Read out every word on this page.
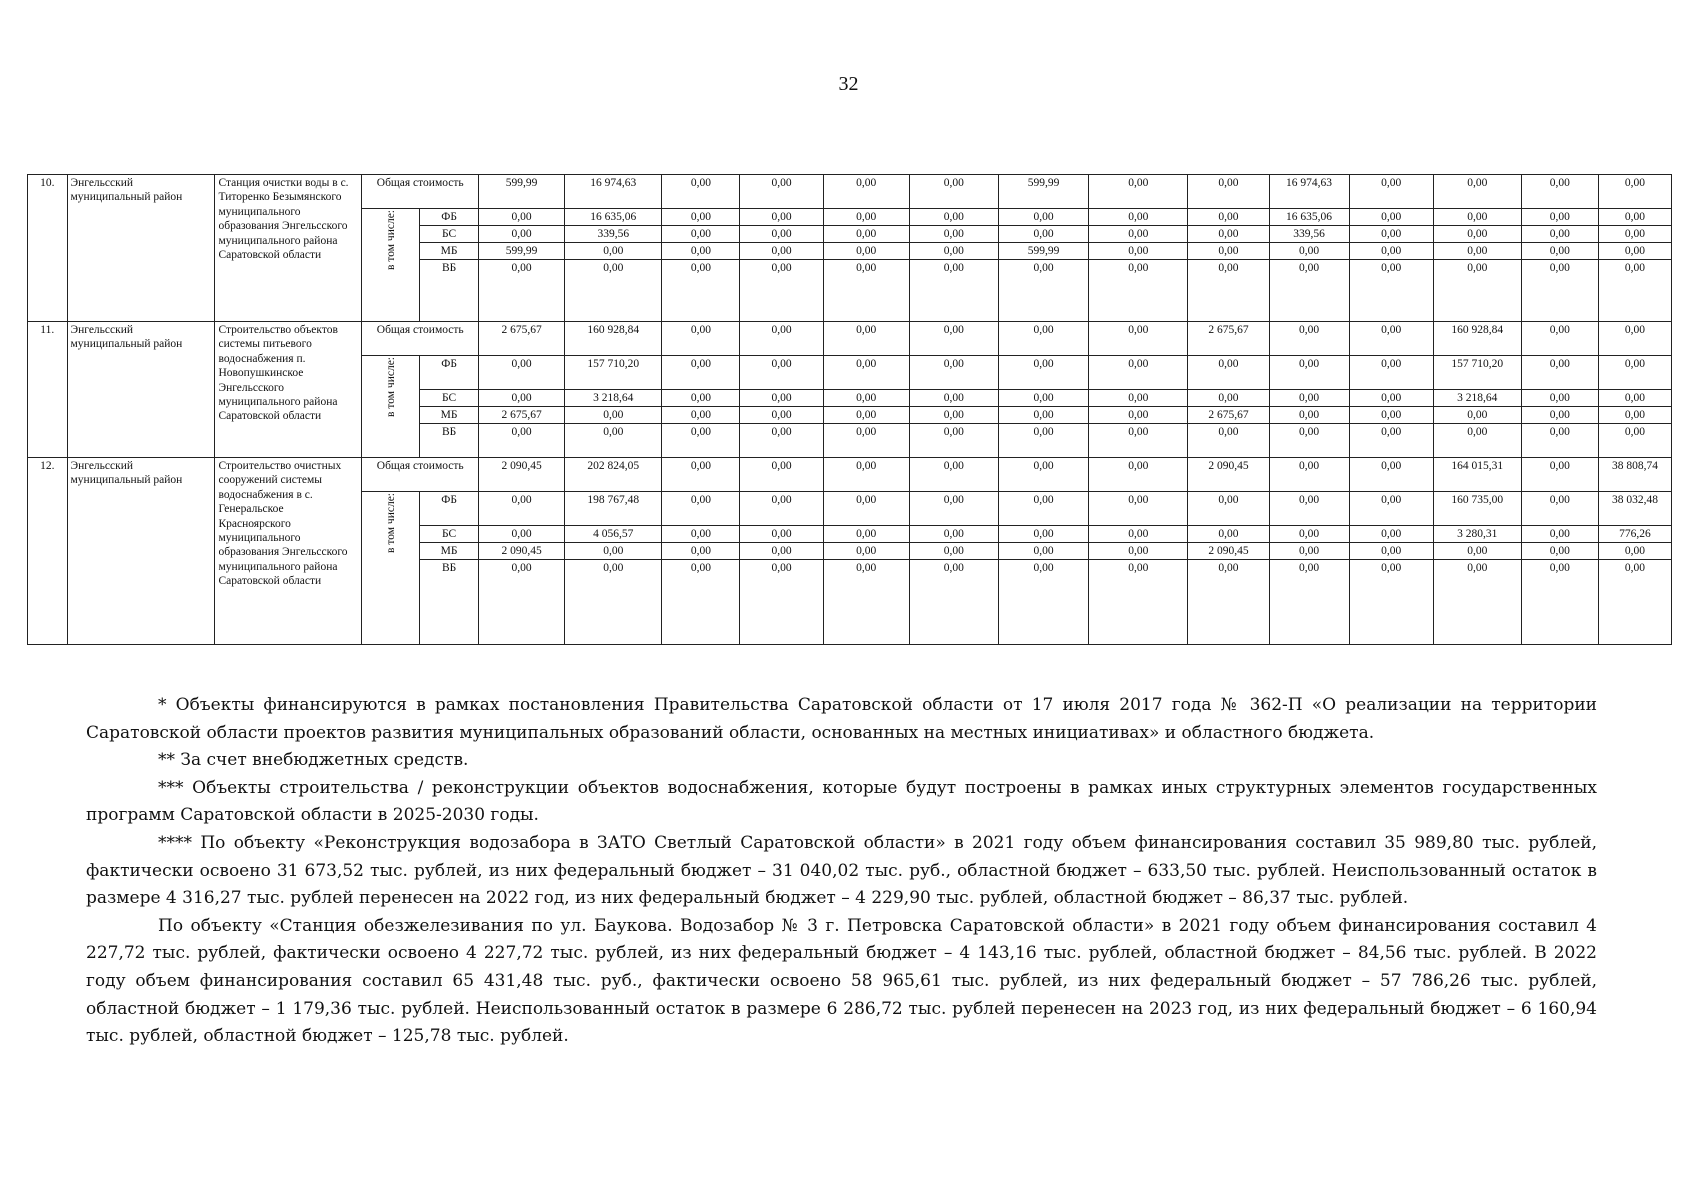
32
10.	Энгельсский муниципальный район	Станция очистки воды в с. Титоренко Безымянского муниципального образования Энгельсского муниципального района Саратовской области	Общая стоимость		599,99	16 974,63	0,00	0,00	0,00	0,00	599,99	0,00	0,00	16 974,63	0,00	0,00	0,00	0,00
			в том числе:	ФБ	0,00	16 635,06	0,00	0,00	0,00	0,00	0,00	0,00	0,00	16 635,06	0,00	0,00	0,00	0,00
				БС	0,00	339,56	0,00	0,00	0,00	0,00	0,00	0,00	0,00	339,56	0,00	0,00	0,00	0,00
				МБ	599,99	0,00	0,00	0,00	0,00	0,00	599,99	0,00	0,00	0,00	0,00	0,00	0,00	0,00
				ВБ	0,00	0,00	0,00	0,00	0,00	0,00	0,00	0,00	0,00	0,00	0,00	0,00	0,00	0,00
11.	Энгельсский муниципальный район	Строительство объектов системы питьевого водоснабжения п. Новопушкинское Энгельсского муниципального района Саратовской области	Общая стоимость		2 675,67	160 928,84	0,00	0,00	0,00	0,00	0,00	0,00	2 675,67	0,00	0,00	160 928,84	0,00	0,00
			в том числе:	ФБ	0,00	157 710,20	0,00	0,00	0,00	0,00	0,00	0,00	0,00	0,00	0,00	157 710,20	0,00	0,00
				БС	0,00	3 218,64	0,00	0,00	0,00	0,00	0,00	0,00	0,00	0,00	0,00	3 218,64	0,00	0,00
				МБ	2 675,67	0,00	0,00	0,00	0,00	0,00	0,00	0,00	2 675,67	0,00	0,00	0,00	0,00	0,00
				ВБ	0,00	0,00	0,00	0,00	0,00	0,00	0,00	0,00	0,00	0,00	0,00	0,00	0,00	0,00
12.	Энгельсский муниципальный район	Строительство очистных сооружений системы водоснабжения в с. Генеральское Красноярского муниципального образования Энгельсского муниципального района Саратовской области	Общая стоимость		2 090,45	202 824,05	0,00	0,00	0,00	0,00	0,00	0,00	2 090,45	0,00	0,00	164 015,31	0,00	38 808,74
			в том числе:	ФБ	0,00	198 767,48	0,00	0,00	0,00	0,00	0,00	0,00	0,00	0,00	0,00	160 735,00	0,00	38 032,48
				БС	0,00	4 056,57	0,00	0,00	0,00	0,00	0,00	0,00	0,00	0,00	0,00	3 280,31	0,00	776,26
				МБ	2 090,45	0,00	0,00	0,00	0,00	0,00	0,00	0,00	2 090,45	0,00	0,00	0,00	0,00	0,00
				ВБ	0,00	0,00	0,00	0,00	0,00	0,00	0,00	0,00	0,00	0,00	0,00	0,00	0,00	0,00

* Объекты финансируются в рамках постановления Правительства Саратовской области от 17 июля 2017 года № 362-П «О реализации на территории Саратовской области проектов развития муниципальных образований области, основанных на местных инициативах» и областного бюджета.

** За счет внебюджетных средств.

*** Объекты строительства / реконструкции объектов водоснабжения, которые будут построены в рамках иных структурных элементов государственных программ Саратовской области в 2025-2030 годы.

**** По объекту «Реконструкция водозабора в ЗАТО Светлый Саратовской области» в 2021 году объем финансирования составил 35 989,80 тыс. рублей, фактически освоено 31 673,52 тыс. рублей, из них федеральный бюджет – 31 040,02 тыс. руб., областной бюджет – 633,50 тыс. рублей. Неиспользованный остаток в размере 4 316,27 тыс. рублей перенесен на 2022 год, из них федеральный бюджет – 4 229,90 тыс. рублей, областной бюджет – 86,37 тыс. рублей.

По объекту «Станция обезжелезивания по ул. Баукова. Водозабор № 3 г. Петровска Саратовской области» в 2021 году объем финансирования составил 4 227,72 тыс. рублей, фактически освоено 4 227,72 тыс. рублей, из них федеральный бюджет – 4 143,16 тыс. рублей, областной бюджет – 84,56 тыс. рублей. В 2022 году объем финансирования составил 65 431,48 тыс. руб., фактически освоено 58 965,61 тыс. рублей, из них федеральный бюджет – 57 786,26 тыс. рублей, областной бюджет – 1 179,36 тыс. рублей. Неиспользованный остаток в размере 6 286,72 тыс. рублей перенесен на 2023 год, из них федеральный бюджет – 6 160,94 тыс. рублей, областной бюджет – 125,78 тыс. рублей.
